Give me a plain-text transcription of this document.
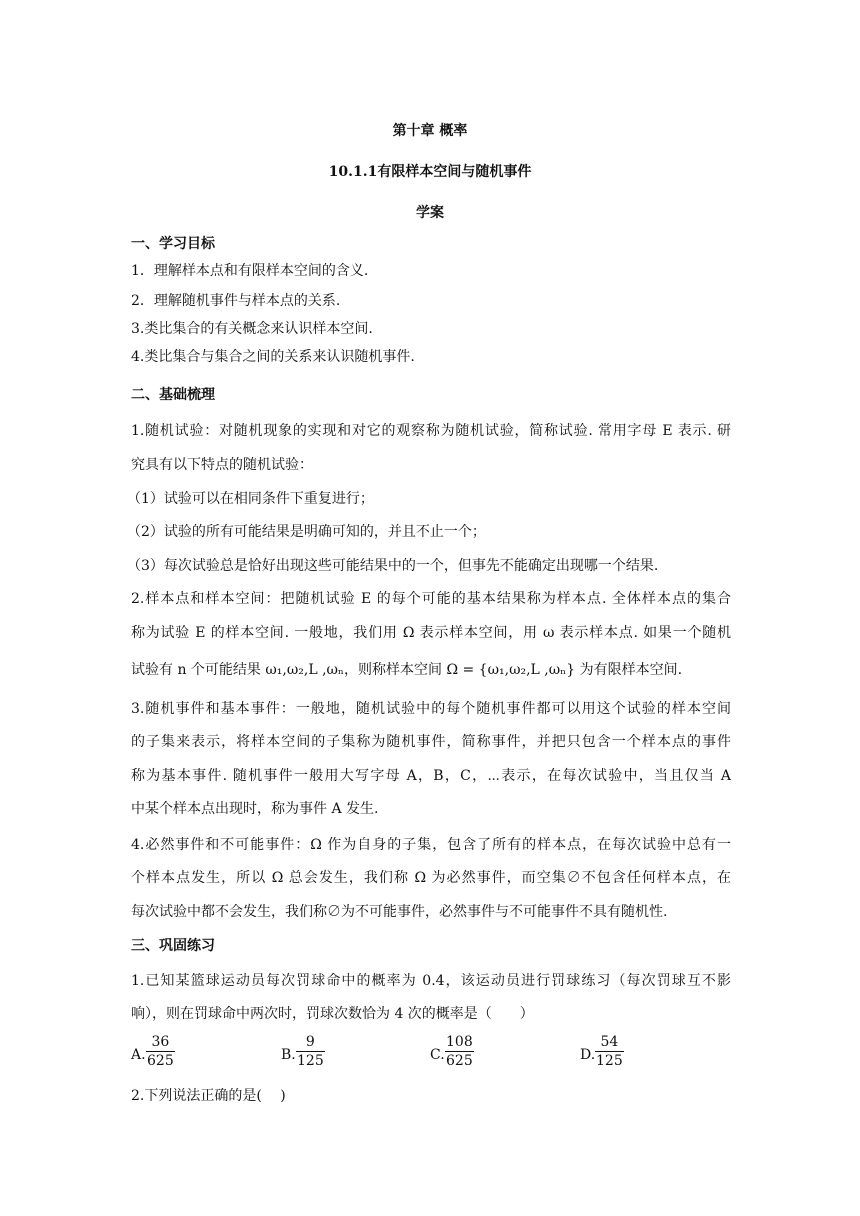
第十章 概率
10.1.1有限样本空间与随机事件
学案
一、学习目标
1．理解样本点和有限样本空间的含义.
2．理解随机事件与样本点的关系.
3.类比集合的有关概念来认识样本空间.
4.类比集合与集合之间的关系来认识随机事件.
二、基础梳理
1.随机试验：对随机现象的实现和对它的观察称为随机试验，简称试验. 常用字母 E 表示. 研
究具有以下特点的随机试验：
（1）试验可以在相同条件下重复进行；
（2）试验的所有可能结果是明确可知的，并且不止一个；
（3）每次试验总是恰好出现这些可能结果中的一个，但事先不能确定出现哪一个结果.
2.样本点和样本空间：把随机试验 E 的每个可能的基本结果称为样本点. 全体样本点的集合
称为试验 E 的样本空间. 一般地，我们用 Ω 表示样本空间，用 ω 表示样本点. 如果一个随机
试验有 n 个可能结果 ω₁,ω₂,L ,ωₙ，则称样本空间 Ω = {ω₁,ω₂,L ,ωₙ} 为有限样本空间.
3.随机事件和基本事件：一般地，随机试验中的每个随机事件都可以用这个试验的样本空间
的子集来表示，将样本空间的子集称为随机事件，简称事件，并把只包含一个样本点的事件
称为基本事件. 随机事件一般用大写字母 A，B，C，⋯表示，在每次试验中，当且仅当 A
中某个样本点出现时，称为事件 A 发生.
4.必然事件和不可能事件：Ω 作为自身的子集，包含了所有的样本点，在每次试验中总有一
个样本点发生，所以 Ω 总会发生，我们称 Ω 为必然事件，而空集∅不包含任何样本点，在
每次试验中都不会发生，我们称∅为不可能事件，必然事件与不可能事件不具有随机性.
三、巩固练习
1.已知某篮球运动员每次罚球命中的概率为 0.4，该运动员进行罚球练习（每次罚球互不影
响），则在罚球命中两次时，罚球次数恰为 4 次的概率是（　　）
A. $\frac{36}{625}$	B. $\frac{9}{125}$	C. $\frac{108}{625}$	D. $\frac{54}{125}$
2.下列说法正确的是(　 )
